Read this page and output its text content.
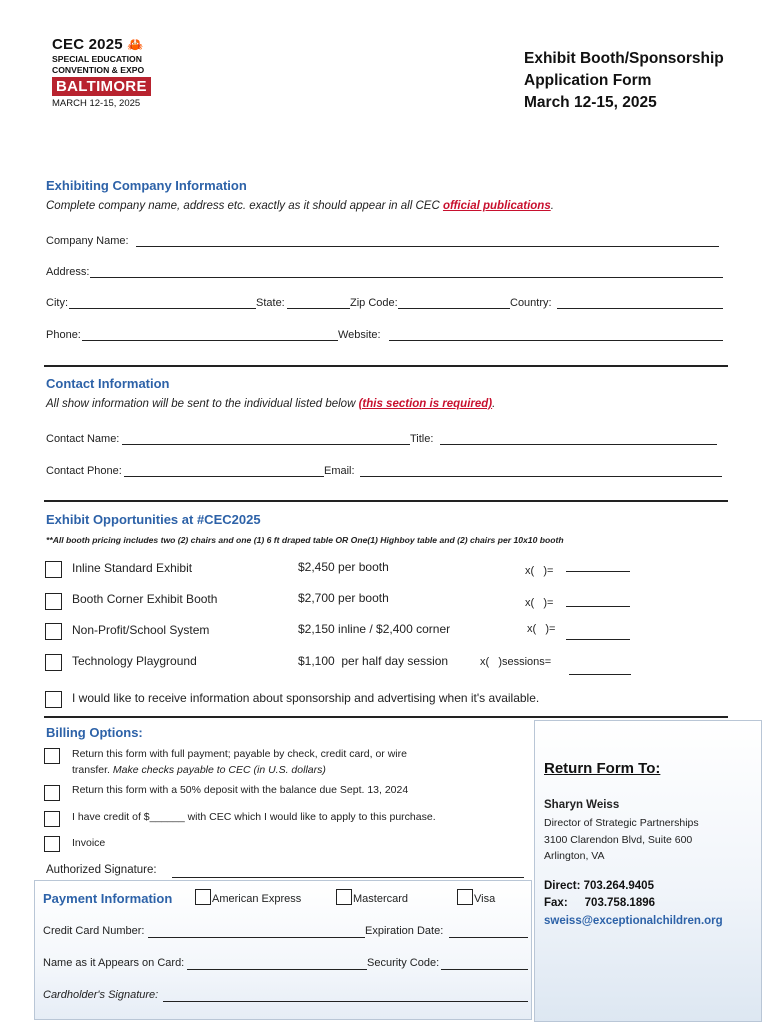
CEC 2025 🦀
SPECIAL EDUCATION
CONVENTION & EXPO
BALTIMORE
MARCH 12-15, 2025
Exhibit Booth/Sponsorship
Application Form
March 12-15, 2025
Exhibiting Company Information
Complete company name, address etc. exactly as it should appear in all CEC official publications.
Company Name:
Address:
City:	State:	Zip Code:	Country:
Phone:	Website:
Contact Information
All show information will be sent to the individual listed below (this section is required).
Contact Name:	Title:
Contact Phone:	Email:
Exhibit Opportunities at #CEC2025
**All booth pricing includes two (2) chairs and one (1) 6 ft draped table OR One(1) Highboy table and (2) chairs per 10x10 booth
Inline Standard Exhibit	$2,450 per booth	x(   )=
Booth Corner Exhibit Booth	$2,700 per booth	x(   )=
Non-Profit/School System	$2,150 inline / $2,400 corner	x(   )=
Technology Playground	$1,100  per half day session	x(   )sessions=
I would like to receive information about sponsorship and advertising when it's available.
Billing Options:
Return this form with full payment; payable by check, credit card, or wire
transfer. Make checks payable to CEC (in U.S. dollars)
Return this form with a 50% deposit with the balance due Sept. 13, 2024
I have credit of $______ with CEC which I would like to apply to this purchase.
Invoice
Authorized Signature:
Payment Information	American Express	Mastercard	Visa
Credit Card Number:	Expiration Date:
Name as it Appears on Card:	Security Code:
Cardholder's Signature:
Return Form To:
Sharyn Weiss
Director of Strategic Partnerships
3100 Clarendon Blvd, Suite 600
Arlington, VA
Direct: 703.264.9405
Fax: 703.758.1896
sweiss@exceptionalchildren.org
